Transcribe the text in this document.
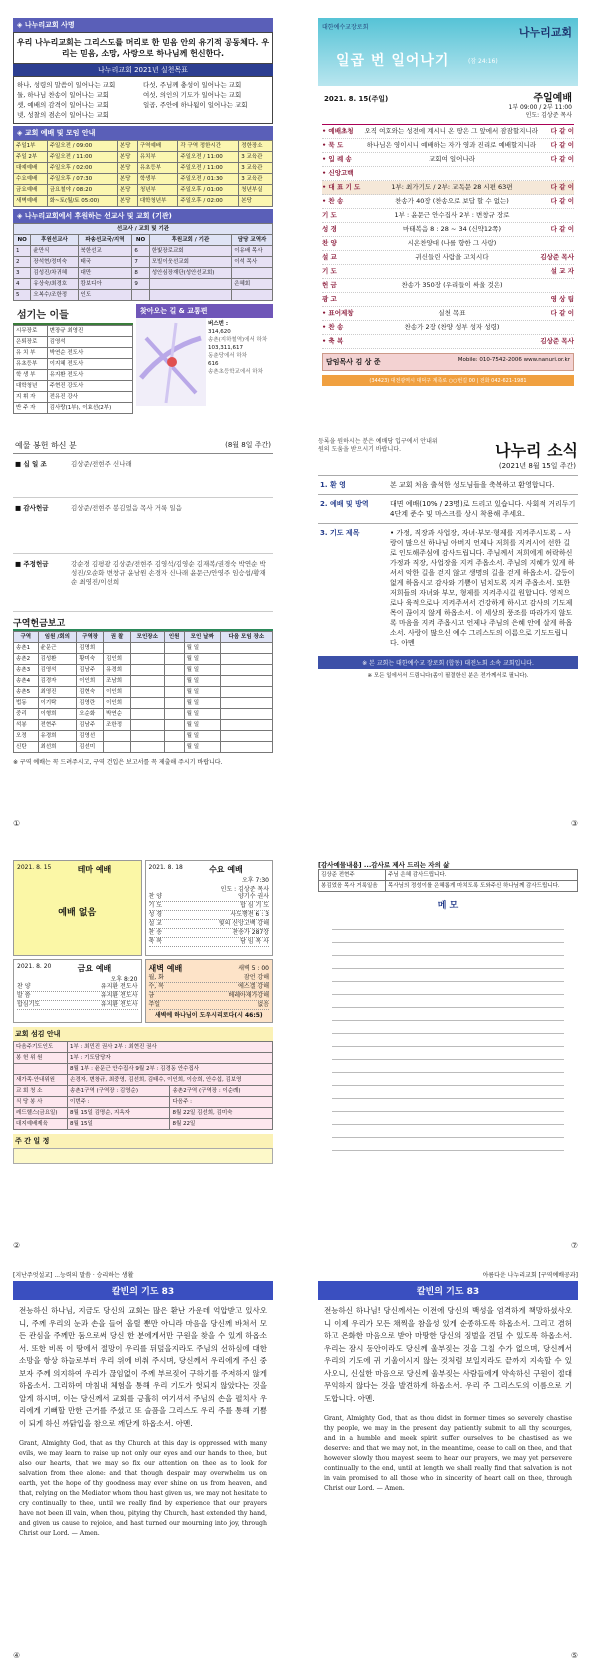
◈ 나누리교회 사명
우리 나누리교회는 그리스도를 머리로 한 믿음 안의 유기적 공동체다. 우리는 믿음, 소망, 사랑으로 하나님께 헌신한다.
나누리교회 2021년 실천목표

하나, 성령의 말씀이 일어나는 교회

둘, 하나님 찬송이 일어나는 교회

셋, 예배의 감격이 일어나는 교회

넷, 성찰의 겸손이 일어나는 교회

다섯, 주님께 충성이 일어나는 교회

여섯, 의인의 기도가 일어나는 교회

일곱, 주안에 하나됨이 일어나는 교회

◈ 교회 예배 및 모임 안내
주일1부	주일오전 / 09:00	본당	구역예배	각 구역 정한시간	정한장소
주일 2부	주일오전 / 11:00	본당	유치부	주일오전 / 11:00	3 교육관
대예예배	주일오후 / 02:00	본당	유초등부	주일오전 / 11:00	3 교육관
수요예배	주일오후 / 07:30	본당	학생부	주일오전 / 01:30	3 교육관
금요예배	금요철야 / 08:20	본당	청년부	주일오후 / 01:00	청년부실
새벽예배	화~토(월/토 05:00)	본당	대학청년부	주일오후 / 02:00	본당
◈ 나누리교회에서 후원하는 선교사 및 교회 (기관)
선교사 / 교회 및 기관					
NO	후원선교사	파송선교국/지역	NO	후원교회 / 기관	담당 교역자
1	윤만식	북한선교	6	한빛장로교회	이유배 목사
2	장석현/정미숙	태국	7	모빌이웃선교회	이석 목사
3	김성진/차귀혜	대만	8	성안심장재단(성안선교회)	
4	유상숙/최경호	캄보디아	9		은혜회
5	오복수/조한정	인도			
섬기는 이들
시무장로	변장규 최영진
은퇴장로	김영석
유 치 부	박연순 전도사
유초등부	이지혜 전도사
학 생 부	유지환 전도사
대학청년	주현진 강도사
지 휘 자	전유진 강사
반 주 자	김사랑(1부), 이효선(2부)
찾아오는 길 & 교통편
버스번 :
314,620
송촌(지하철역)에서 하차
103,311,617
동춘당에서 하차
616
송촌초등학교에서 하차
대한예수교장로회	나누리교회
일곱 번 일어나기	(잠 24:16)
2021. 8. 15(주일)	주일예배
1부 09:00 / 2부 11:00
인도: 김상준 목사
• 예배초청	오직 여호와는 성전에 계시니 온 땅은 그 앞에서 잠잠할지니라	다 같 이
• 묵 도	하나님은 영이시니 예배하는 자가 영과 진리로 예배할지니라	다 같 이
• 입 례 송	교회여 일어나라	다 같 이
• 신앙고백
• 대 표 기 도	1부: 최가기도 / 2부: 교독문 28 시편 63편	다 같 이
• 찬 송	찬송가 40장 (찬송으로 보답 할 수 없는)	다 같 이
기 도	1부 : 윤문근 안수집사 2부 : 변창규 장로
성 경	마태복음 8 : 28 ~ 34 (신약12쪽)	다 같 이
찬 양	시온찬양대 (나를 향한 그 사랑)
설 교	귀신들린 사람을 고치시다	김상준 목사
기 도	설 교 자
헌 금	찬송가 350장 (우리들이 싸울 것은)
광 고	영 상 팀
• 표어제창	실천 목표	다 같 이
• 찬 송	찬송가 2장 (찬양 성부 성자 성령)
• 축 복	김상준 목사
담임목사 김 상 준	Mobile: 010-7542-2006 www.nanuri.or.kr
(34423) 대전광역시 대덕구 계족로 ○○번길 00 | 전화 042-621-1981
예물 봉헌 하신 분	(8월 8일 주간)
■ 십 일 조	김상준/전현주 신나래
■ 감사헌금	김상준/전현주 봉김었음 목사 거룩 일음
■ 주정헌금	강순경 김평광 김상준/전현주 김영석/김영순 김재복/권경숙 박연순 박성진/오순화 변창규 윤남원 손경자 신나래 윤문근/안영주 임승섭/황재순 최영진/이선희
구역헌금보고
구역	임원 /회의	구역장	권 찰	모인장소	인원	모인 날짜	다음 모임 장소
송촌1	윤문근	김명희				월 일	
송촌2	김성환	황미숙	김인희			월 일	
송촌3	김영석	김남주	유경희			월 일	
송촌4	김경자	이인희	조남희			월 일	
송촌5	최영진	김현숙	이인희			월 일	
법동	이기탁	김영란	이인희			월 일	
중리	이형희	오순화	박연순			월 일	
석봉	전현주	김남주	조한정			월 일	
오정	유경희	김영선				월 일	
신탄	최선희	김선미				월 일	
※ 구역 예배는 꼭 드려주시고, 구역 건입은 보고서를 꼭 제출해 주시기 바랍니다.
①
등록을 원하시는 분은 예배당 입구에서 안내위원의 도움을 받으시기 바랍니다.	나누리 소식
(2021년 8월 15일 주간)
1. 환 영	본 교회 처음 출석한 성도님들을 축복하고 환영합니다.
2. 예배 및 방역	대면 예배(10% / 23명)로 드리고 있습니다. 사회적 거리두기 4단계 준수 및 마스크를 상시 착용해 주세요.
3. 기도 제목	• 가정, 직장과 사업장, 자녀·부모·형제를 지켜주시도록 – 사랑이 많으신 하나님 아버지 언제나 저희를 지켜시어 선한 길로 인도해주심에 감사드립니다. 주님께서 저희에게 허락하신 가정과 직장, 사업장을 지켜 주옵소서. 주님의 지혜가 있게 하셔서 악한 길을 걷지 않고 생명의 길을 걷게 하옵소서. 갈등이 없게 하옵시고 감사와 기쁨이 넘치도록 지켜 주옵소서. 또한 저희들의 자녀와 부모, 형제를 지켜주시길 원합니다. 영적으로나 육적으로나 지켜주셔서 건강하게 하시고 감사의 기도제목이 끊이지 않게 하옵소서. 이 세상의 풍조를 따라가지 않도록 마음을 지켜 주옵시고 언제나 주님의 은혜 안에 살게 하옵소서. 사랑이 많으신 예수 그리스도의 이름으로 기도드립니다. 아멘
※ 본 교회는 대한예수교 장로회 (합동) 대전노회 소속 교회입니다.
※ 모든 일에서서 드림니다(좀이 필결한신 분은 전가께서로 필니다).
③
2021. 8. 15	테마 예배
예배 없음
2021. 8. 18	수요 예배
오후 7:30
인도 : 김상준 목사
찬 양	양기수 권사
기 도	합 심 기 도
성 경	사도행전 6 : 3
설 교	빛의 신앙고백 강해
찬 송	찬송가 287장
축 복	담 임 목 사
2021. 8. 20	금요 예배
오후 8:20
찬 양	유지환 전도사
말 씀	유지환 전도사
합심기도	유지환 전도사
새벽 예배	새벽 5 : 00
월, 화	잠언 강해
수, 목	에스겔 강해
금	베레아재가강해
주일	없음
새벽에 하나님이 도우시리로다(시 46:5)
교회 섬김 안내
다음주기도인도	1부 : 최민진 권사 2부 : 최현진 권사	
봉 헌 위 원	1부 : 기도담당자	
	8월 1부 : 윤문근 안수집사 9월 2부 : 김경동 안수집사	
새가족·안내위원	손경자, 변창규, 최중영, 김선희, 김태수, 이인희, 이승희, 안수섭, 김보영	
교 회 청 소	송촌1구역 (구역장 : 김영순)	송촌2구역 (구역장 : 이순례)
식 당 봉 사	이번주 :	다음주 :
레드헬스(금요일)	8월 15일 김명순, 지옥자	8월 22일 김선희, 김미숙
대지예배제육	8월 15일	8월 22일
주 간 일 정
②
[감사예물내용] ...감사로 제사 드리는 자의 삶
김상준 전현주	주님 은혜 감사드립니다.
봉김었음 목사 거룩일음	목사님의 정성이를 은혜롭게 마치도록 도와주신 하나님께 감사드립니다.
메 모
⑦
[지난주엇설교] ...능력의 말씀 · 승리하는 생활
칼빈의 기도 83
전능하신 하나님, 지금도 당신의 교회는 많은 환난 가운데 억압받고 있사오니, 주께 우리의 눈과 손을 들어 올릴 뿐만 아니라 마음을 당신께 바쳐서 모든 관심을 주께만 둠으로써 당신 한 분에게서만 구원을 찾을 수 있게 하옵소서. 또한 비록 이 땅에서 절망이 우리를 뒤덮을지라도 주님의 선하심에 대한 소망을 항상 하늘로부터 우리 위에 비춰 주시며, 당신께서 우리에게 주신 중보자 주께 의지하여 우리가 끊임없이 주께 부르짖어 구하기를 주저하지 않게 하옵소서. 그리하여 마침내 체험을 통해 우리 기도가 헛되지 않았다는 것을 알게 하시며, 이는 당신께서 교회를 긍휼히 여기셔서 주님의 손을 펼치사 우리에게 기뻐할 만한 근거를 주셨고 또 슬픔을 그리스도 우리 주를 통해 기쁨이 되게 하신 까닭입을 참으로 깨닫게 하옵소서. 아멘.
Grant, Almighty God, that as thy Church at this day is oppressed with many evils, we may learn to raise up not only our eyes and our hands to thee, but also our hearts, that we may so fix our attention on thee as to look for salvation from thee alone: and that though despair may overwhelm us on earth, yet the hope of thy goodness may ever shine on us from heaven, and that, relying on the Mediator whom thou hast given us, we may not hesitate to cry continually to thee, until we really find by experience that our prayers have not been ill vain, when thou, pitying thy Church, hast extended thy hand, and given us cause to rejoice, and hast turned our mourning into joy, through Christ our Lord. — Amen.
④
아름다운 나누리교회 [구역예배공과]
칼빈의 기도 83
전능하신 하나님! 당신께서는 이전에 당신의 백성을 엄격하게 책망하셨사오니 이제 우리가 모든 채찍을 참을성 있게 순종하도록 하옵소서. 그리고 겸허하고 온화한 마음으로 받아 마땅한 당신의 징벌을 견딜 수 있도록 하옵소서. 우리는 잠시 동안이라도 당신께 울부짖는 것을 그칠 수가 없으며, 당신께서 우리의 기도에 귀 기울이시지 않는 것처럼 보일지라도 끝까지 지속할 수 있사오니, 신실한 마음으로 당신께 울부짖는 사람들에게 약속하신 구원이 절대 무익하지 않다는 것을 발견하게 하옵소서. 우리 주 그리스도의 이름으로 기도합니다. 아멘.
Grant, Almighty God, that as thou didst in former times so severely chastise thy people, we may in the present day patiently submit to all thy scourges, and in a humble and meek spirit suffer ourselves to be chastised as we deserve: and that we may not, in the meantime, cease to call on thee, and that however slowly thou mayest seem to hear our prayers, we may yet persevere continually to the end, until at length we shall really find that salvation is not in vain promised to all those who in sincerity of heart call on thee, through Christ our Lord. — Amen.
⑤
